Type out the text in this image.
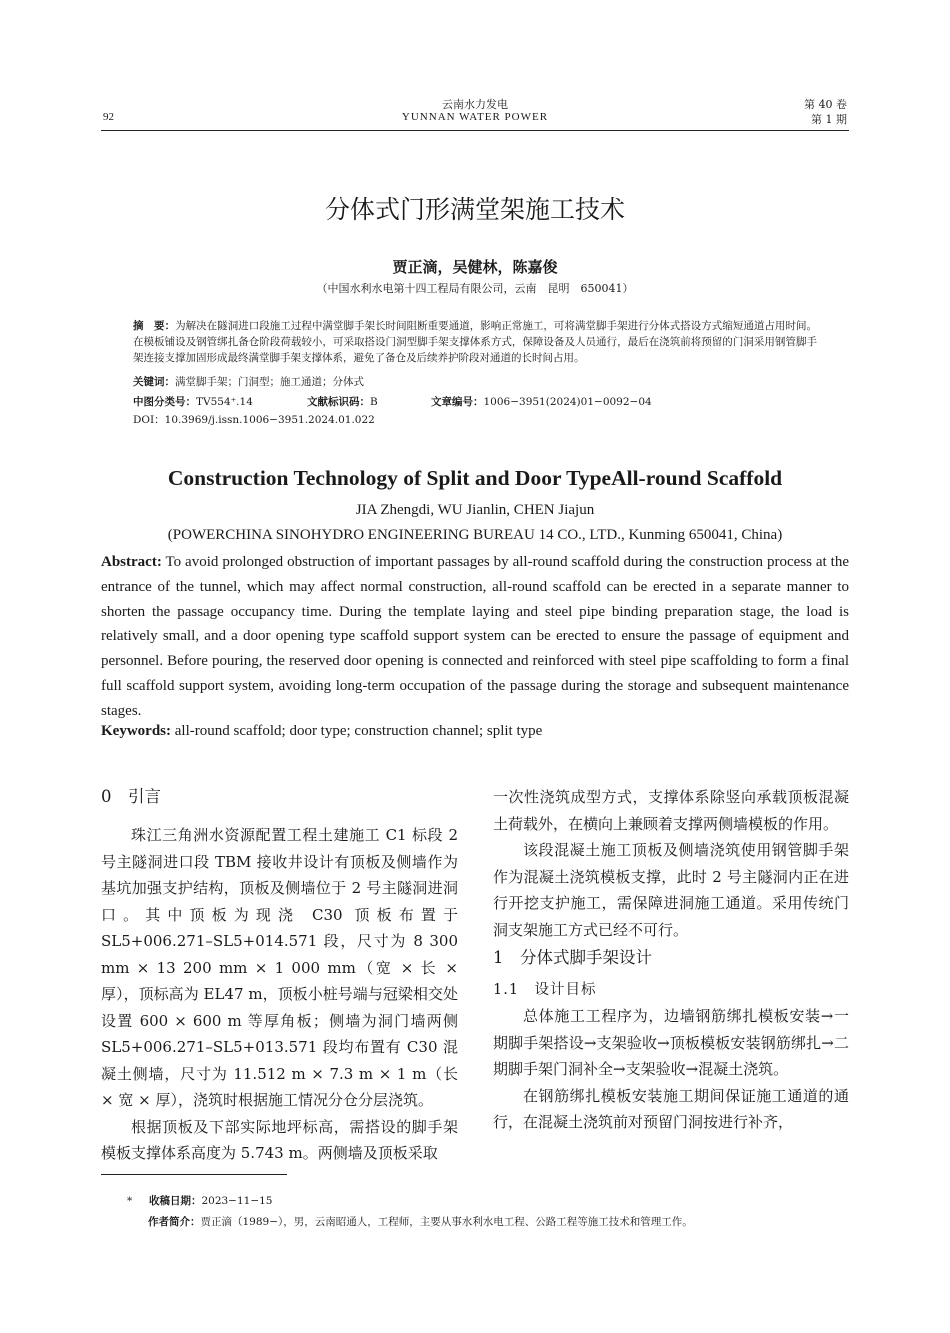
云南水力发电
YUNNAN WATER POWER
92
第 40 卷
第 1 期
分体式门形满堂架施工技术
贾正滴，吴健林，陈嘉俊
（中国水利水电第十四工程局有限公司，云南　昆明　650041）
摘　要：为解决在隧洞进口段施工过程中满堂脚手架长时间阻断重要通道，影响正常施工，可将满堂脚手架进行分体式搭设方式缩短通道占用时间。在模板铺设及钢管绑扎备仓阶段荷载较小，可采取搭设门洞型脚手架支撑体系方式，保障设备及人员通行，最后在浇筑前将预留的门洞采用钢管脚手架连接支撑加固形成最终满堂脚手架支撑体系，避免了备仓及后续养护阶段对通道的长时间占用。
关键词：满堂脚手架；门洞型；施工通道；分体式
中图分类号：TV554⁺.14	文献标识码：B	文章编号：1006−3951(2024)01−0092−04
DOI：10.3969/j.issn.1006−3951.2024.01.022
Construction Technology of Split and Door TypeAll-round Scaffold
JIA Zhengdi, WU Jianlin, CHEN Jiajun
(POWERCHINA SINOHYDRO ENGINEERING BUREAU 14 CO., LTD., Kunming 650041, China)
Abstract: To avoid prolonged obstruction of important passages by all-round scaffold during the construction process at the entrance of the tunnel, which may affect normal construction, all-round scaffold can be erected in a separate manner to shorten the passage occupancy time. During the template laying and steel pipe binding preparation stage, the load is relatively small, and a door opening type scaffold support system can be erected to ensure the passage of equipment and personnel. Before pouring, the reserved door opening is connected and reinforced with steel pipe scaffolding to form a final full scaffold support system, avoiding long-term occupation of the passage during the storage and subsequent maintenance stages.
Keywords: all-round scaffold; door type; construction channel; split type
0　引言

珠江三角洲水资源配置工程土建施工 C1 标段 2 号主隧洞进口段 TBM 接收井设计有顶板及侧墙作为基坑加强支护结构，顶板及侧墙位于 2 号主隧洞进洞口。其中顶板为现浇 C30 顶板布置于 SL5+006.271–SL5+014.571 段，尺寸为 8 300 mm × 13 200 mm × 1 000 mm（宽 × 长 × 厚），顶标高为 EL47 m，顶板小桩号端与冠梁相交处设置 600 × 600 m 等厚角板；侧墙为洞门墙两侧 SL5+006.271–SL5+013.571 段均布置有 C30 混凝土侧墙，尺寸为 11.512 m × 7.3 m × 1 m（长 × 宽 × 厚），浇筑时根据施工情况分仓分层浇筑。

根据顶板及下部实际地坪标高，需搭设的脚手架模板支撑体系高度为 5.743 m。两侧墙及顶板采取

一次性浇筑成型方式，支撑体系除竖向承载顶板混凝土荷载外，在横向上兼顾着支撑两侧墙模板的作用。

该段混凝土施工顶板及侧墙浇筑使用钢管脚手架作为混凝土浇筑模板支撑，此时 2 号主隧洞内正在进行开挖支护施工，需保障进洞施工通道。采用传统门洞支架施工方式已经不可行。

1　分体式脚手架设计
1.1　设计目标

总体施工工程序为，边墙钢筋绑扎模板安装→一期脚手架搭设→支架验收→顶板模板安装钢筋绑扎→二期脚手架门洞补全→支架验收→混凝土浇筑。

在钢筋绑扎模板安装施工期间保证施工通道的通行，在混凝土浇筑前对预留门洞按进行补齐，

* 收稿日期：2023−11−15
作者简介：贾正滴（1989−），男，云南昭通人，工程师，主要从事水利水电工程、公路工程等施工技术和管理工作。
